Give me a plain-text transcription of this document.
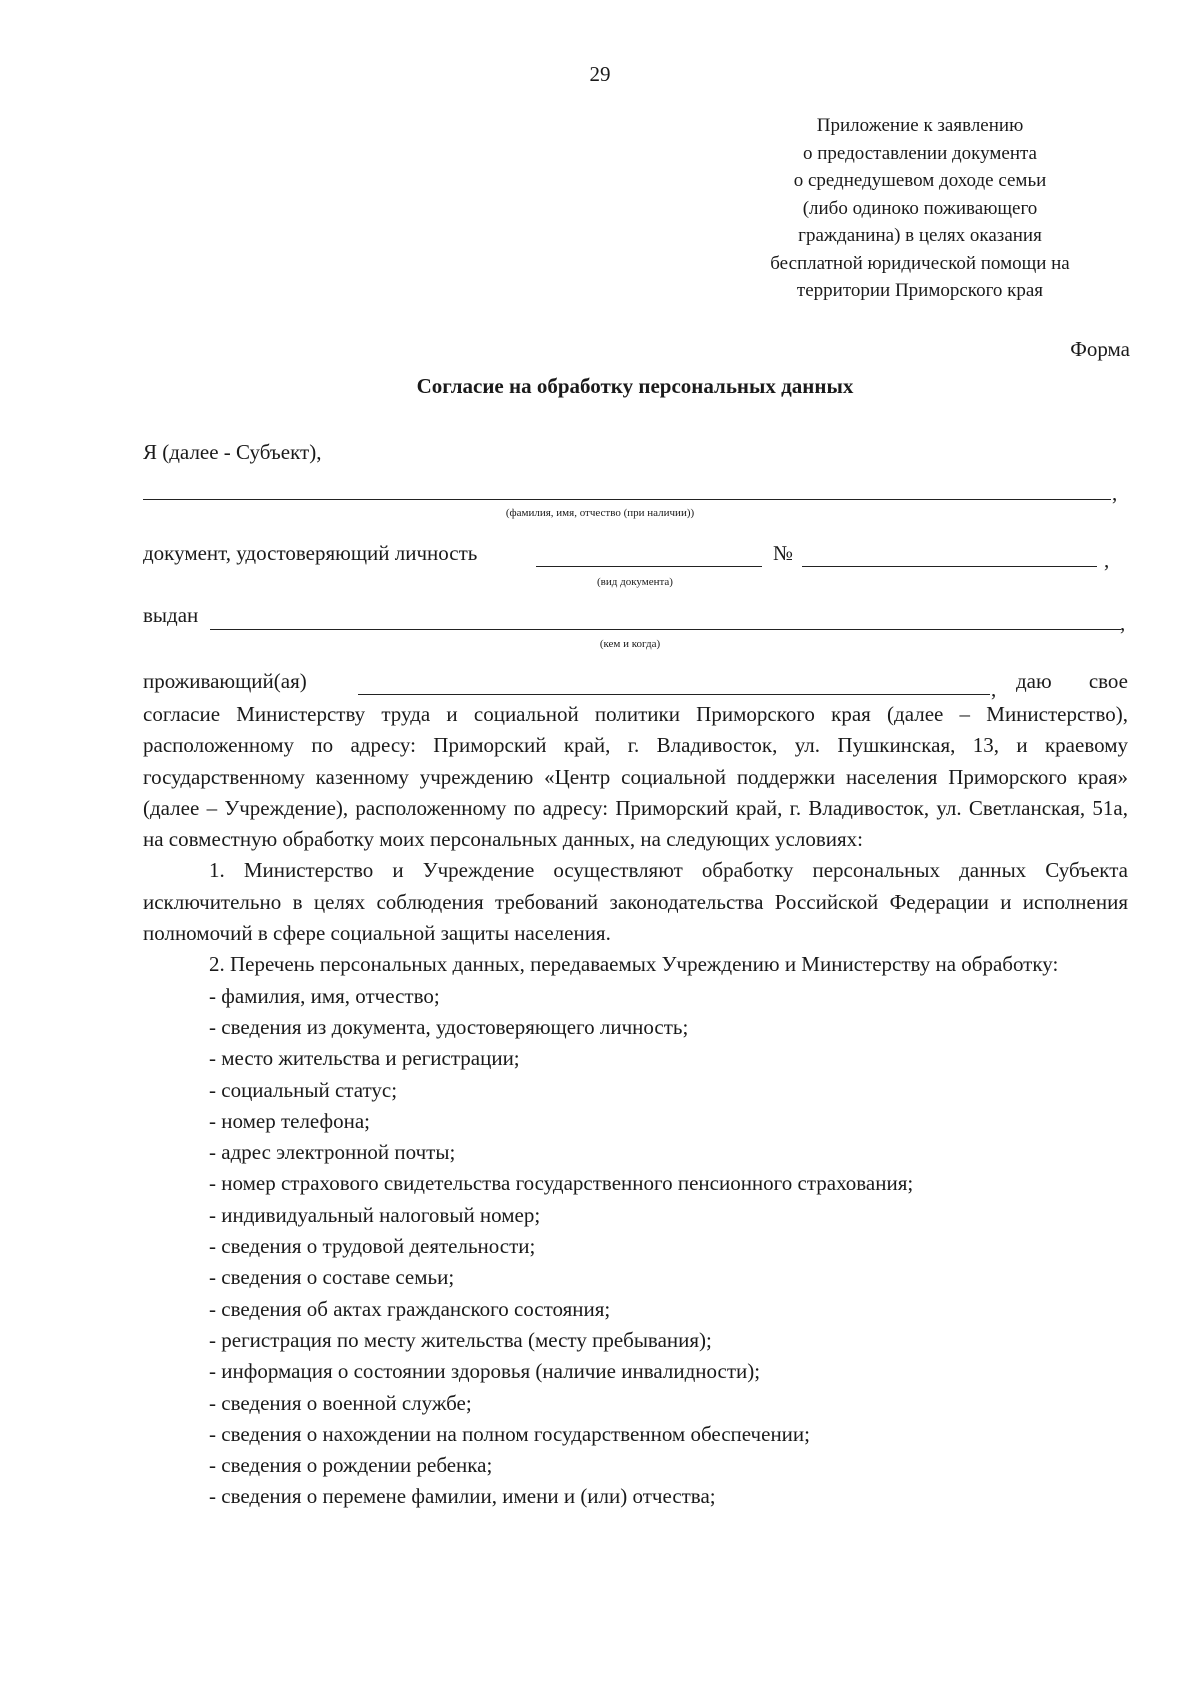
29
Приложение к заявлению
о предоставлении документа
о среднедушевом доходе семьи
(либо одиноко поживающего
гражданина) в целях оказания
бесплатной юридической помощи на
территории Приморского края
Форма
Согласие на обработку персональных данных
Я (далее - Субъект),
,
(фамилия, имя, отчество (при наличии))
документ, удостоверяющий личность	№	,
(вид документа)
выдан	,
(кем и когда)
проживающий(ая)	, даю свое

согласие Министерству труда и социальной политики Приморского края (далее – Министерство), расположенному по адресу: Приморский край, г. Владивосток, ул. Пушкинская, 13, и краевому государственному казенному учреждению «Центр социальной поддержки населения Приморского края» (далее – Учреждение), расположенному по адресу: Приморский край, г. Владивосток, ул. Светланская, 51а, на совместную обработку моих персональных данных, на следующих условиях:

1. Министерство и Учреждение осуществляют обработку персональных данных Субъекта исключительно в целях соблюдения требований законодательства Российской Федерации и исполнения полномочий в сфере социальной защиты населения.

2. Перечень персональных данных, передаваемых Учреждению и Министерству на обработку:

- фамилия, имя, отчество;
- сведения из документа, удостоверяющего личность;
- место жительства и регистрации;
- социальный статус;
- номер телефона;
- адрес электронной почты;
- номер страхового свидетельства государственного пенсионного страхования;
- индивидуальный налоговый номер;
- сведения о трудовой деятельности;
- сведения о составе семьи;
- сведения об актах гражданского состояния;
- регистрация по месту жительства (месту пребывания);
- информация о состоянии здоровья (наличие инвалидности);
- сведения о военной службе;
- сведения о нахождении на полном государственном обеспечении;
- сведения о рождении ребенка;
- сведения о перемене фамилии, имени и (или) отчества;
